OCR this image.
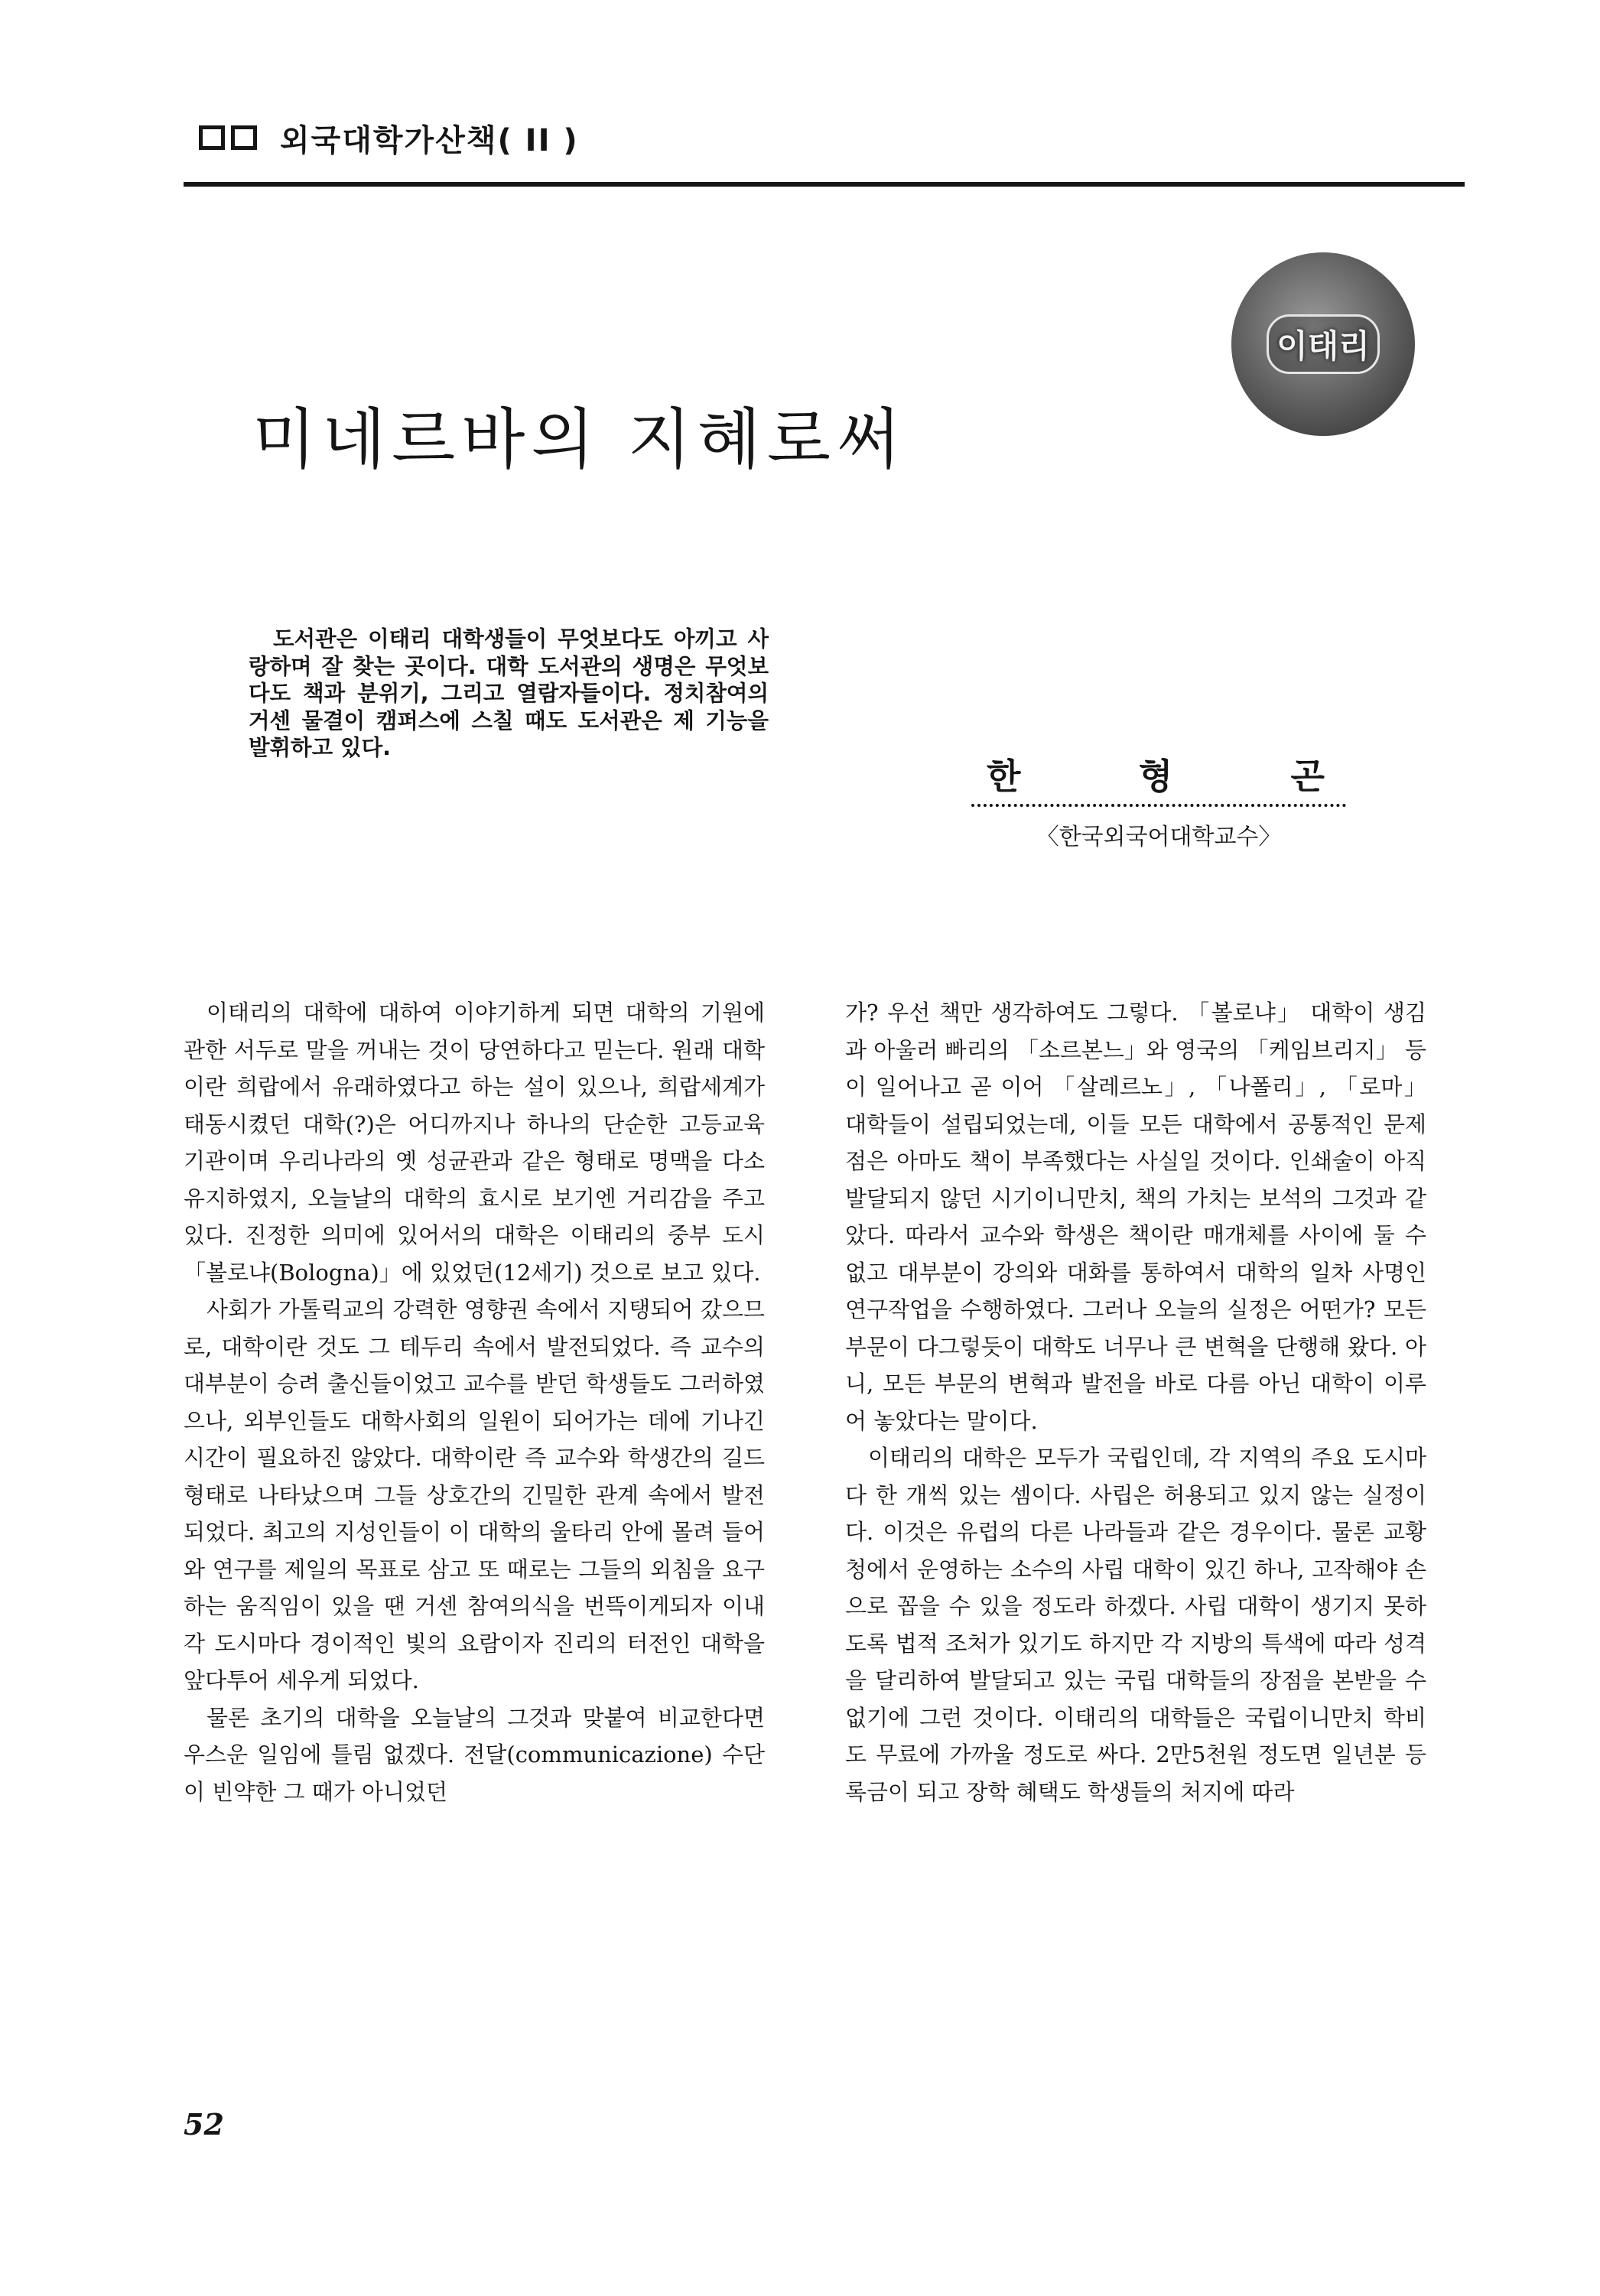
외국대학가산책( II )
이태리
미네르바의 지혜로써

도서관은 이태리 대학생들이 무엇보다도 아끼고 사랑하며 잘 찾는 곳이다. 대학 도서관의 생명은 무엇보다도 책과 분위기, 그리고 열람자들이다. 정치참여의 거센 물결이 캠퍼스에 스칠 때도 도서관은 제 기능을 발휘하고 있다.

한 형 곤
〈한국외국어대학교수〉

이태리의 대학에 대하여 이야기하게 되면 대학의 기원에 관한 서두로 말을 꺼내는 것이 당연하다고 믿는다. 원래 대학이란 희랍에서 유래하였다고 하는 설이 있으나, 희랍세계가 태동시켰던 대학(?)은 어디까지나 하나의 단순한 고등교육 기관이며 우리나라의 옛 성균관과 같은 형태로 명맥을 다소 유지하였지, 오늘날의 대학의 효시로 보기엔 거리감을 주고 있다. 진정한 의미에 있어서의 대학은 이태리의 중부 도시 「볼로냐(Bologna)」에 있었던(12세기) 것으로 보고 있다.

사회가 가톨릭교의 강력한 영향권 속에서 지탱되어 갔으므로, 대학이란 것도 그 테두리 속에서 발전되었다. 즉 교수의 대부분이 승려 출신들이었고 교수를 받던 학생들도 그러하였으나, 외부인들도 대학사회의 일원이 되어가는 데에 기나긴 시간이 필요하진 않았다. 대학이란 즉 교수와 학생간의 길드 형태로 나타났으며 그들 상호간의 긴밀한 관계 속에서 발전되었다. 최고의 지성인들이 이 대학의 울타리 안에 몰려 들어와 연구를 제일의 목표로 삼고 또 때로는 그들의 외침을 요구하는 움직임이 있을 땐 거센 참여의식을 번뜩이게되자 이내 각 도시마다 경이적인 빛의 요람이자 진리의 터전인 대학을 앞다투어 세우게 되었다.

물론 초기의 대학을 오늘날의 그것과 맞붙여 비교한다면 우스운 일임에 틀림 없겠다. 전달(communicazione) 수단이 빈약한 그 때가 아니었던

가? 우선 책만 생각하여도 그렇다. 「볼로냐」 대학이 생김과 아울러 빠리의 「소르본느」와 영국의 「케임브리지」 등이 일어나고 곧 이어 「살레르노」, 「나폴리」, 「로마」 대학들이 설립되었는데, 이들 모든 대학에서 공통적인 문제점은 아마도 책이 부족했다는 사실일 것이다. 인쇄술이 아직 발달되지 않던 시기이니만치, 책의 가치는 보석의 그것과 같았다. 따라서 교수와 학생은 책이란 매개체를 사이에 둘 수 없고 대부분이 강의와 대화를 통하여서 대학의 일차 사명인 연구작업을 수행하였다. 그러나 오늘의 실정은 어떤가? 모든 부문이 다그렇듯이 대학도 너무나 큰 변혁을 단행해 왔다. 아니, 모든 부문의 변혁과 발전을 바로 다름 아닌 대학이 이루어 놓았다는 말이다.

이태리의 대학은 모두가 국립인데, 각 지역의 주요 도시마다 한 개씩 있는 셈이다. 사립은 허용되고 있지 않는 실정이다. 이것은 유럽의 다른 나라들과 같은 경우이다. 물론 교황청에서 운영하는 소수의 사립 대학이 있긴 하나, 고작해야 손으로 꼽을 수 있을 정도라 하겠다. 사립 대학이 생기지 못하도록 법적 조처가 있기도 하지만 각 지방의 특색에 따라 성격을 달리하여 발달되고 있는 국립 대학들의 장점을 본받을 수 없기에 그런 것이다. 이태리의 대학들은 국립이니만치 학비도 무료에 가까울 정도로 싸다. 2만5천원 정도면 일년분 등록금이 되고 장학 혜택도 학생들의 처지에 따라

52
